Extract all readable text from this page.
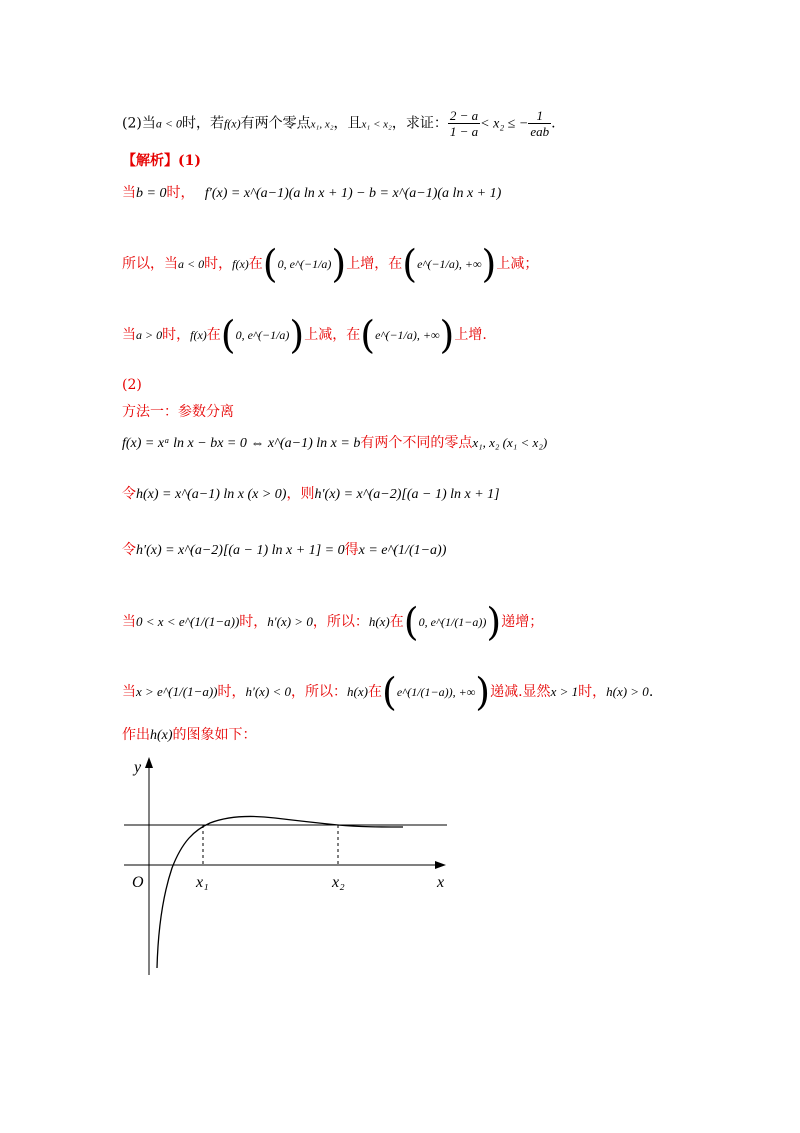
(2)当a < 0时，若f(x)有两个零点x₁, x₂，且x₁ < x₂，求证： $\frac{2 - a}{1 - a} < x_2$ ≤ − $\frac{1}{\text{eab}}$ .
【解析】(1)
当b = 0时， f′(x) = x^(a−1)(a ln x + 1) − b = x^(a−1)(a ln x + 1)
所以，当a < 0时，f(x)在(0, e^(−1/a))上增，在(e^(−1/a), +∞)上减；
当a > 0时，f(x)在(0, e^(−1/a))上减，在(e^(−1/a), +∞)上增.
(2)
方法一：参数分离
f(x) = xᵃ ln x − bx = 0 ⇔ x^(a−1) ln x = b有两个不同的零点x₁, x₂ (x₁ < x₂)
令h(x) = x^(a−1) ln x (x > 0)，则h′(x) = x^(a−2)[(a − 1) ln x + 1]
令h′(x) = x^(a−2)[(a − 1) ln x + 1] = 0得x = e^(1/(1−a))
当0 < x < e^(1/(1−a))时，h′(x) > 0，所以：h(x)在(0, e^(1/(1−a)))递增；
当x > e^(1/(1−a))时，h′(x) < 0，所以：h(x)在(e^(1/(1−a)), +∞)递减.显然x > 1时，h(x) > 0.
作出h(x)的图象如下：
y
x
O	x₁	x₂
